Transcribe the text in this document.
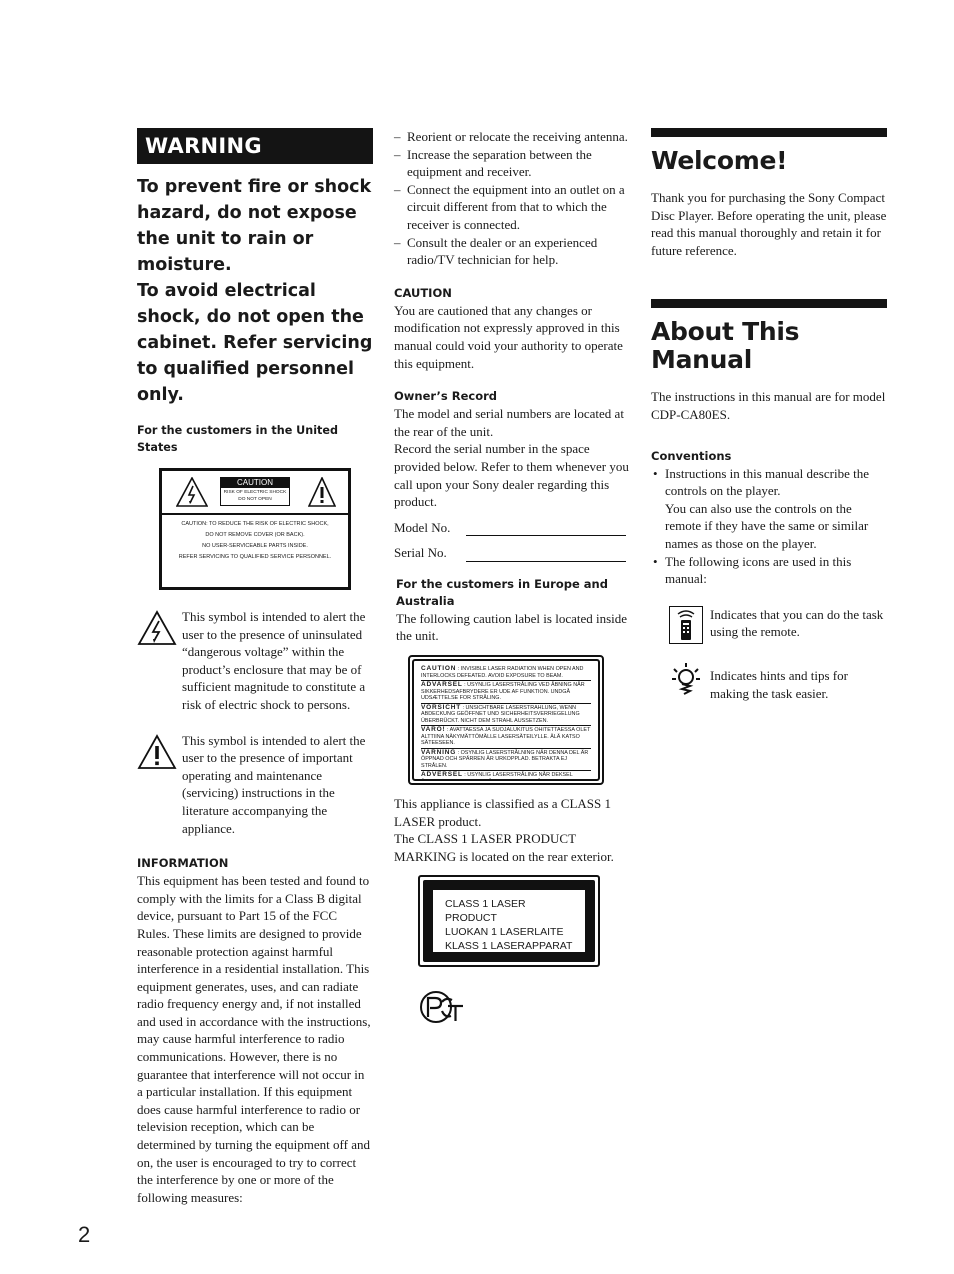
WARNING
To prevent fire or shock hazard, do not expose the unit to rain or moisture.
To avoid electrical shock, do not open the cabinet. Refer servicing to qualified personnel only.

For the customers in the United States

CAUTION
RISK OF ELECTRIC SHOCK
DO NOT OPEN
CAUTION: TO REDUCE THE RISK OF ELECTRIC SHOCK,
DO NOT REMOVE COVER (OR BACK).
NO USER-SERVICEABLE PARTS INSIDE.
REFER SERVICING TO QUALIFIED SERVICE PERSONNEL.

This symbol is intended to alert the user to the presence of uninsulated “dangerous voltage” within the product’s enclosure that may be of sufficient magnitude to constitute a risk of electric shock to persons.

This symbol is intended to alert the user to the presence of important operating and maintenance (servicing) instructions in the literature accompanying the appliance.

INFORMATION

This equipment has been tested and found to comply with the limits for a Class B digital device, pursuant to Part 15 of the FCC Rules. These limits are designed to provide reasonable protection against harmful interference in a residential installation. This equipment generates, uses, and can radiate radio frequency energy and, if not installed and used in accordance with the instructions, may cause harmful interference to radio communications. However, there is no guarantee that interference will not occur in a particular installation. If this equipment does cause harmful interference to radio or television reception, which can be determined by turning the equipment off and on, the user is encouraged to try to correct the interference by one or more of the following measures:

– Reorient or relocate the receiving antenna.
– Increase the separation between the equipment and receiver.
– Connect the equipment into an outlet on a circuit different from that to which the receiver is connected.
– Consult the dealer or an experienced radio/TV technician for help.

CAUTION

You are cautioned that any changes or modification not expressly approved in this manual could void your authority to operate this equipment.

Owner’s Record

The model and serial numbers are located at the rear of the unit.

Record the serial number in the space provided below. Refer to them whenever you call upon your Sony dealer regarding this product.

Model No.
Serial No.

For the customers in Europe and Australia

The following caution label is located inside the unit.

CAUTION : INVISIBLE LASER RADIATION WHEN OPEN AND INTERLOCKS DEFEATED. AVOID EXPOSURE TO BEAM.
ADVARSEL : USYNLIG LASERSTRÅLING VED ÅBNING NÅR SIKKERHEDSAFBRYDERE ER UDE AF FUNKTION. UNDGÅ UDSÆTTELSE FOR STRÅLING.
VORSICHT : UNSICHTBARE LASERSTRAHLUNG, WENN ABDECKUNG GEÖFFNET UND SICHERHEITSVERRIEGELUNG ÜBERBRÜCKT. NICHT DEM STRAHL AUSSETZEN.
VARO! : AVATTAESSA JA SUOJALUKITUS OHITETTAESSA OLET ALTTIINA NÄKYMÄTTÖMÄLLE LASERSÄTEILYLLE. ÄLÄ KATSO SÄTEESEEN.
VARNING : OSYNLIG LASERSTRÅLNING NÄR DENNA DEL ÄR ÖPPNAD OCH SPÄRREN ÄR URKOPPLAD. BETRAKTA EJ STRÅLEN.
ADVERSEL : USYNLIG LASERSTRÅLING NÅR DEKSEL

This appliance is classified as a CLASS 1 LASER product.

The CLASS 1 LASER PRODUCT MARKING is located on the rear exterior.

CLASS 1 LASER PRODUCT
LUOKAN 1 LASERLAITE
KLASS 1 LASERAPPARAT
Welcome!

Thank you for purchasing the Sony Compact Disc Player. Before operating the unit, please read this manual thoroughly and retain it for future reference.

About This Manual

The instructions in this manual are for model CDP-CA80ES.

Conventions

• Instructions in this manual describe the controls on the player.
You can also use the controls on the remote if they have the same or similar names as those on the player.
• The following icons are used in this manual:

Indicates that you can do the task using the remote.

Indicates hints and tips for making the task easier.

2
